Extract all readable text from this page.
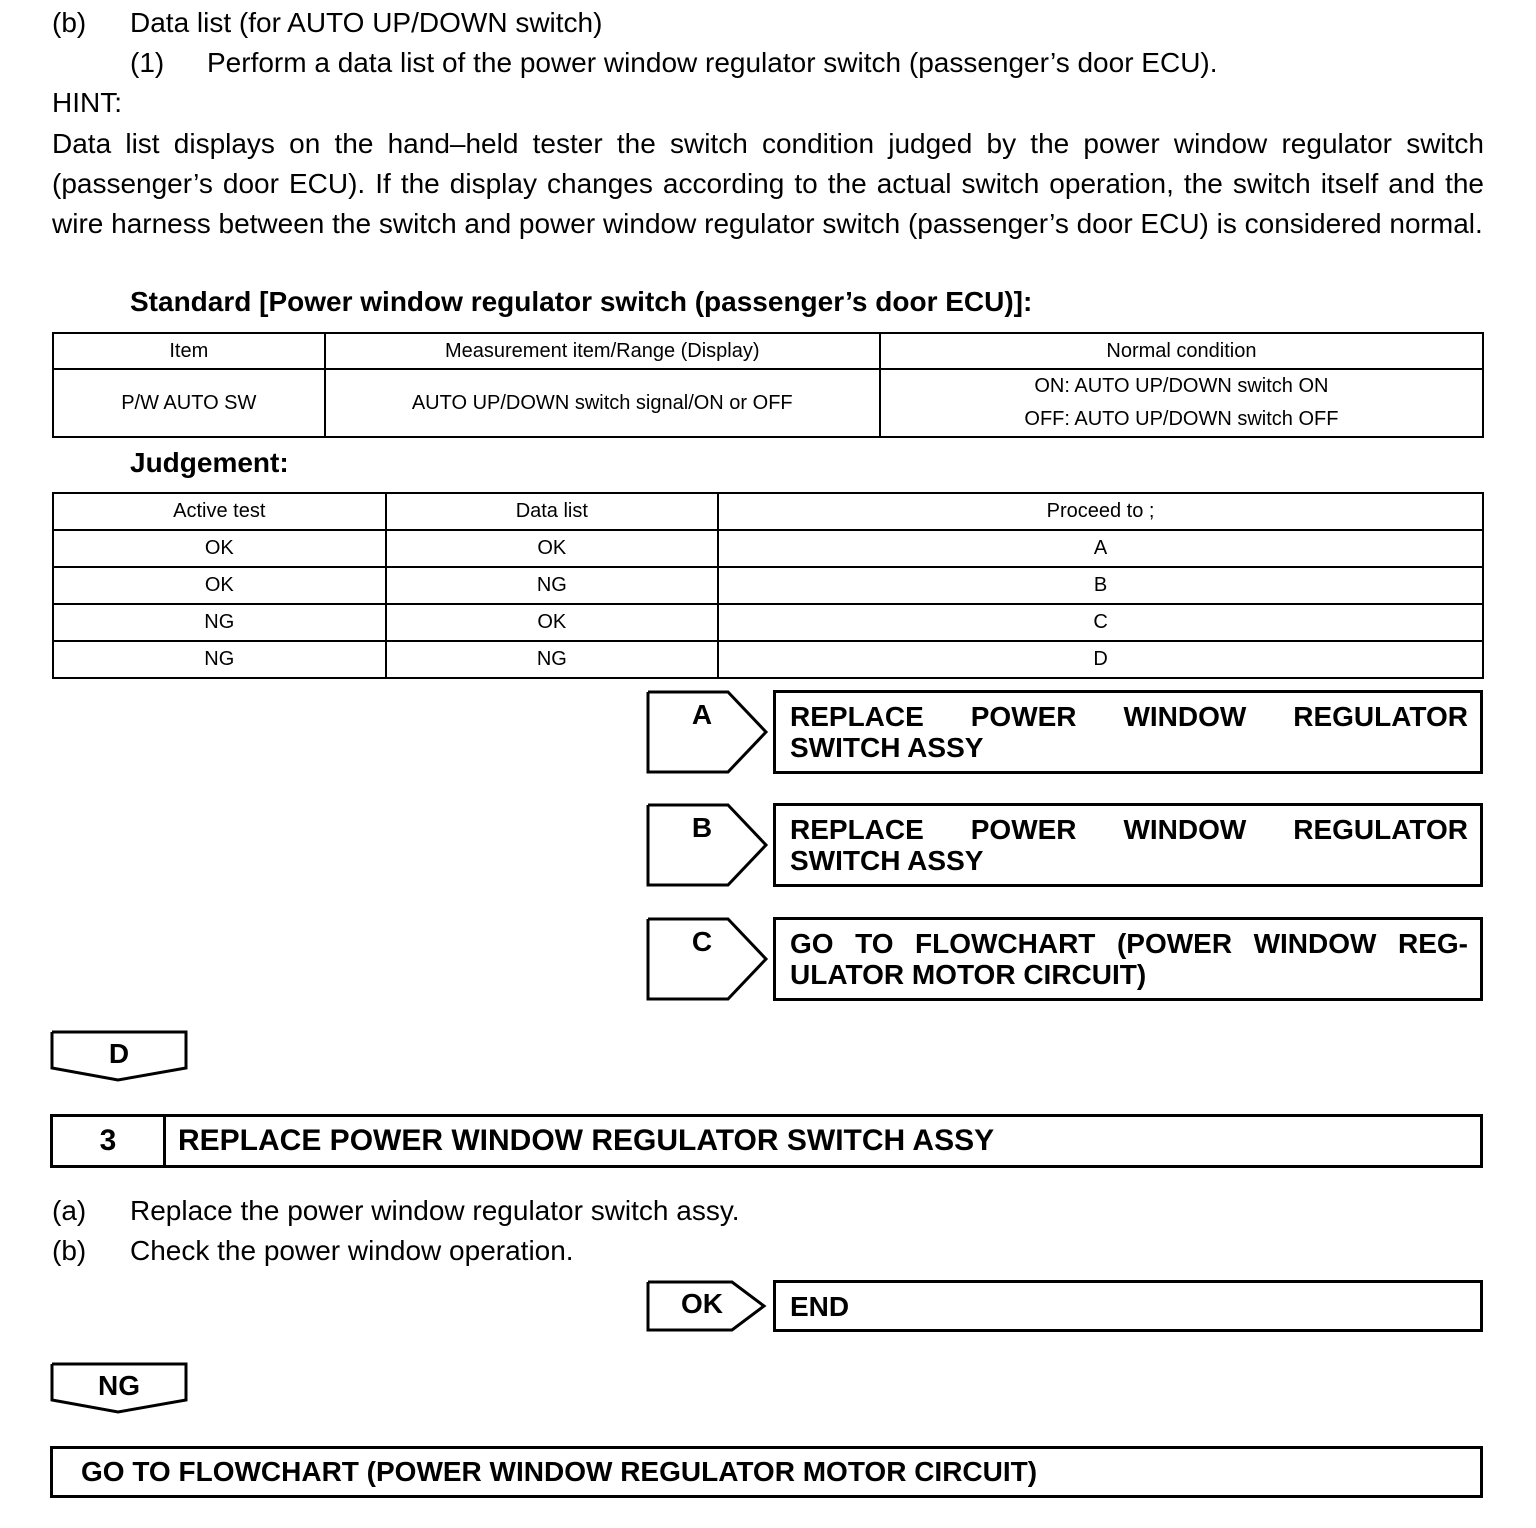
(b) Data list (for AUTO UP/DOWN switch)
(1) Perform a data list of the power window regulator switch (passenger’s door ECU).
HINT:
Data list displays on the hand–held tester the switch condition judged by the power window regulator switch (passenger’s door ECU). If the display changes according to the actual switch operation, the switch itself and the wire harness between the switch and power window regulator switch (passenger’s door ECU) is considered normal.
Standard [Power window regulator switch (passenger’s door ECU)]:
Item	Measurement item/Range (Display)	Normal condition
P/W AUTO SW	AUTO UP/DOWN switch signal/ON or OFF	ON: AUTO UP/DOWN switch ON
OFF: AUTO UP/DOWN switch OFF
Judgement:
Active test	Data list	Proceed to ;
OK	OK	A
OK	NG	B
NG	OK	C
NG	NG	D
A	REPLACE POWER WINDOW REGULATOR
SWITCH ASSY
B	REPLACE POWER WINDOW REGULATOR
SWITCH ASSY
C	GO TO FLOWCHART (POWER WINDOW REG-
ULATOR MOTOR CIRCUIT)
D
3	REPLACE POWER WINDOW REGULATOR SWITCH ASSY
(a) Replace the power window regulator switch assy.
(b) Check the power window operation.
OK	END
NG
GO TO FLOWCHART (POWER WINDOW REGULATOR MOTOR CIRCUIT)
